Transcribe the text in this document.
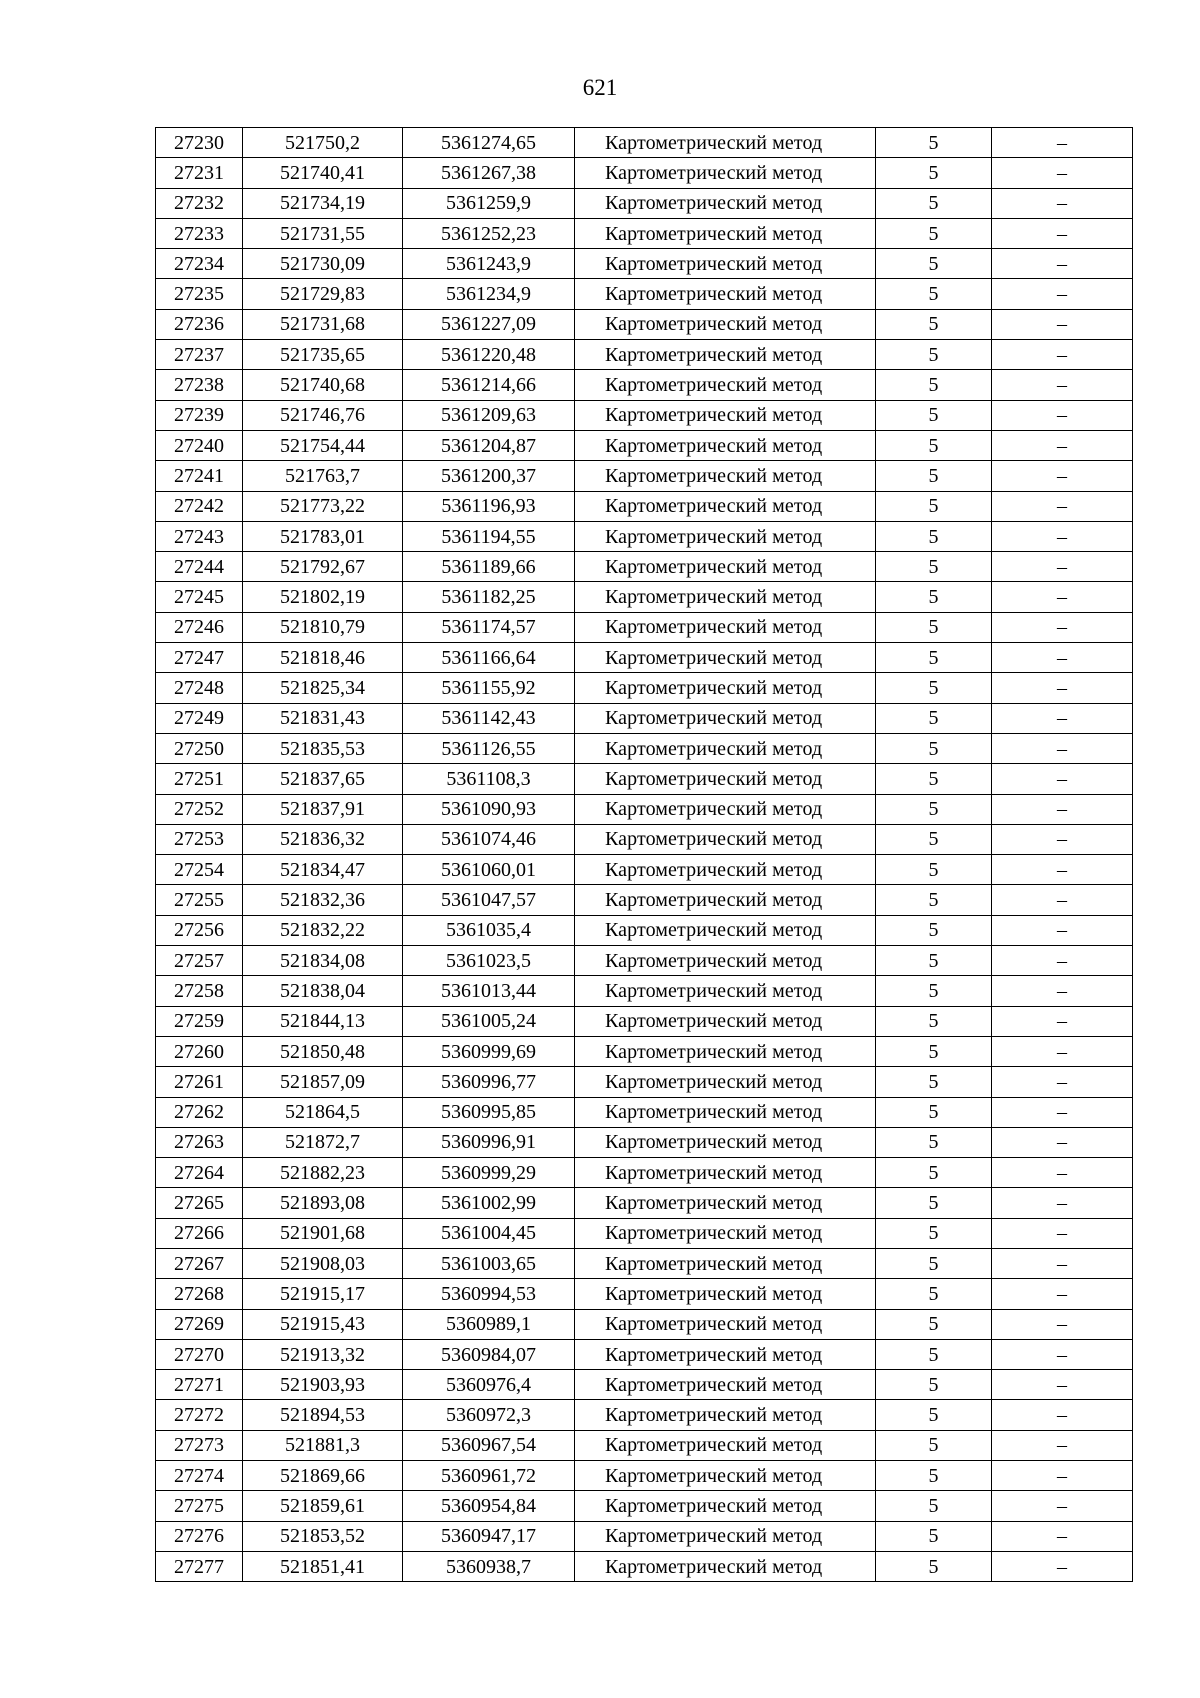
621
27230	521750,2	5361274,65	Картометрический метод	5	–
27231	521740,41	5361267,38	Картометрический метод	5	–
27232	521734,19	5361259,9	Картометрический метод	5	–
27233	521731,55	5361252,23	Картометрический метод	5	–
27234	521730,09	5361243,9	Картометрический метод	5	–
27235	521729,83	5361234,9	Картометрический метод	5	–
27236	521731,68	5361227,09	Картометрический метод	5	–
27237	521735,65	5361220,48	Картометрический метод	5	–
27238	521740,68	5361214,66	Картометрический метод	5	–
27239	521746,76	5361209,63	Картометрический метод	5	–
27240	521754,44	5361204,87	Картометрический метод	5	–
27241	521763,7	5361200,37	Картометрический метод	5	–
27242	521773,22	5361196,93	Картометрический метод	5	–
27243	521783,01	5361194,55	Картометрический метод	5	–
27244	521792,67	5361189,66	Картометрический метод	5	–
27245	521802,19	5361182,25	Картометрический метод	5	–
27246	521810,79	5361174,57	Картометрический метод	5	–
27247	521818,46	5361166,64	Картометрический метод	5	–
27248	521825,34	5361155,92	Картометрический метод	5	–
27249	521831,43	5361142,43	Картометрический метод	5	–
27250	521835,53	5361126,55	Картометрический метод	5	–
27251	521837,65	5361108,3	Картометрический метод	5	–
27252	521837,91	5361090,93	Картометрический метод	5	–
27253	521836,32	5361074,46	Картометрический метод	5	–
27254	521834,47	5361060,01	Картометрический метод	5	–
27255	521832,36	5361047,57	Картометрический метод	5	–
27256	521832,22	5361035,4	Картометрический метод	5	–
27257	521834,08	5361023,5	Картометрический метод	5	–
27258	521838,04	5361013,44	Картометрический метод	5	–
27259	521844,13	5361005,24	Картометрический метод	5	–
27260	521850,48	5360999,69	Картометрический метод	5	–
27261	521857,09	5360996,77	Картометрический метод	5	–
27262	521864,5	5360995,85	Картометрический метод	5	–
27263	521872,7	5360996,91	Картометрический метод	5	–
27264	521882,23	5360999,29	Картометрический метод	5	–
27265	521893,08	5361002,99	Картометрический метод	5	–
27266	521901,68	5361004,45	Картометрический метод	5	–
27267	521908,03	5361003,65	Картометрический метод	5	–
27268	521915,17	5360994,53	Картометрический метод	5	–
27269	521915,43	5360989,1	Картометрический метод	5	–
27270	521913,32	5360984,07	Картометрический метод	5	–
27271	521903,93	5360976,4	Картометрический метод	5	–
27272	521894,53	5360972,3	Картометрический метод	5	–
27273	521881,3	5360967,54	Картометрический метод	5	–
27274	521869,66	5360961,72	Картометрический метод	5	–
27275	521859,61	5360954,84	Картометрический метод	5	–
27276	521853,52	5360947,17	Картометрический метод	5	–
27277	521851,41	5360938,7	Картометрический метод	5	–
